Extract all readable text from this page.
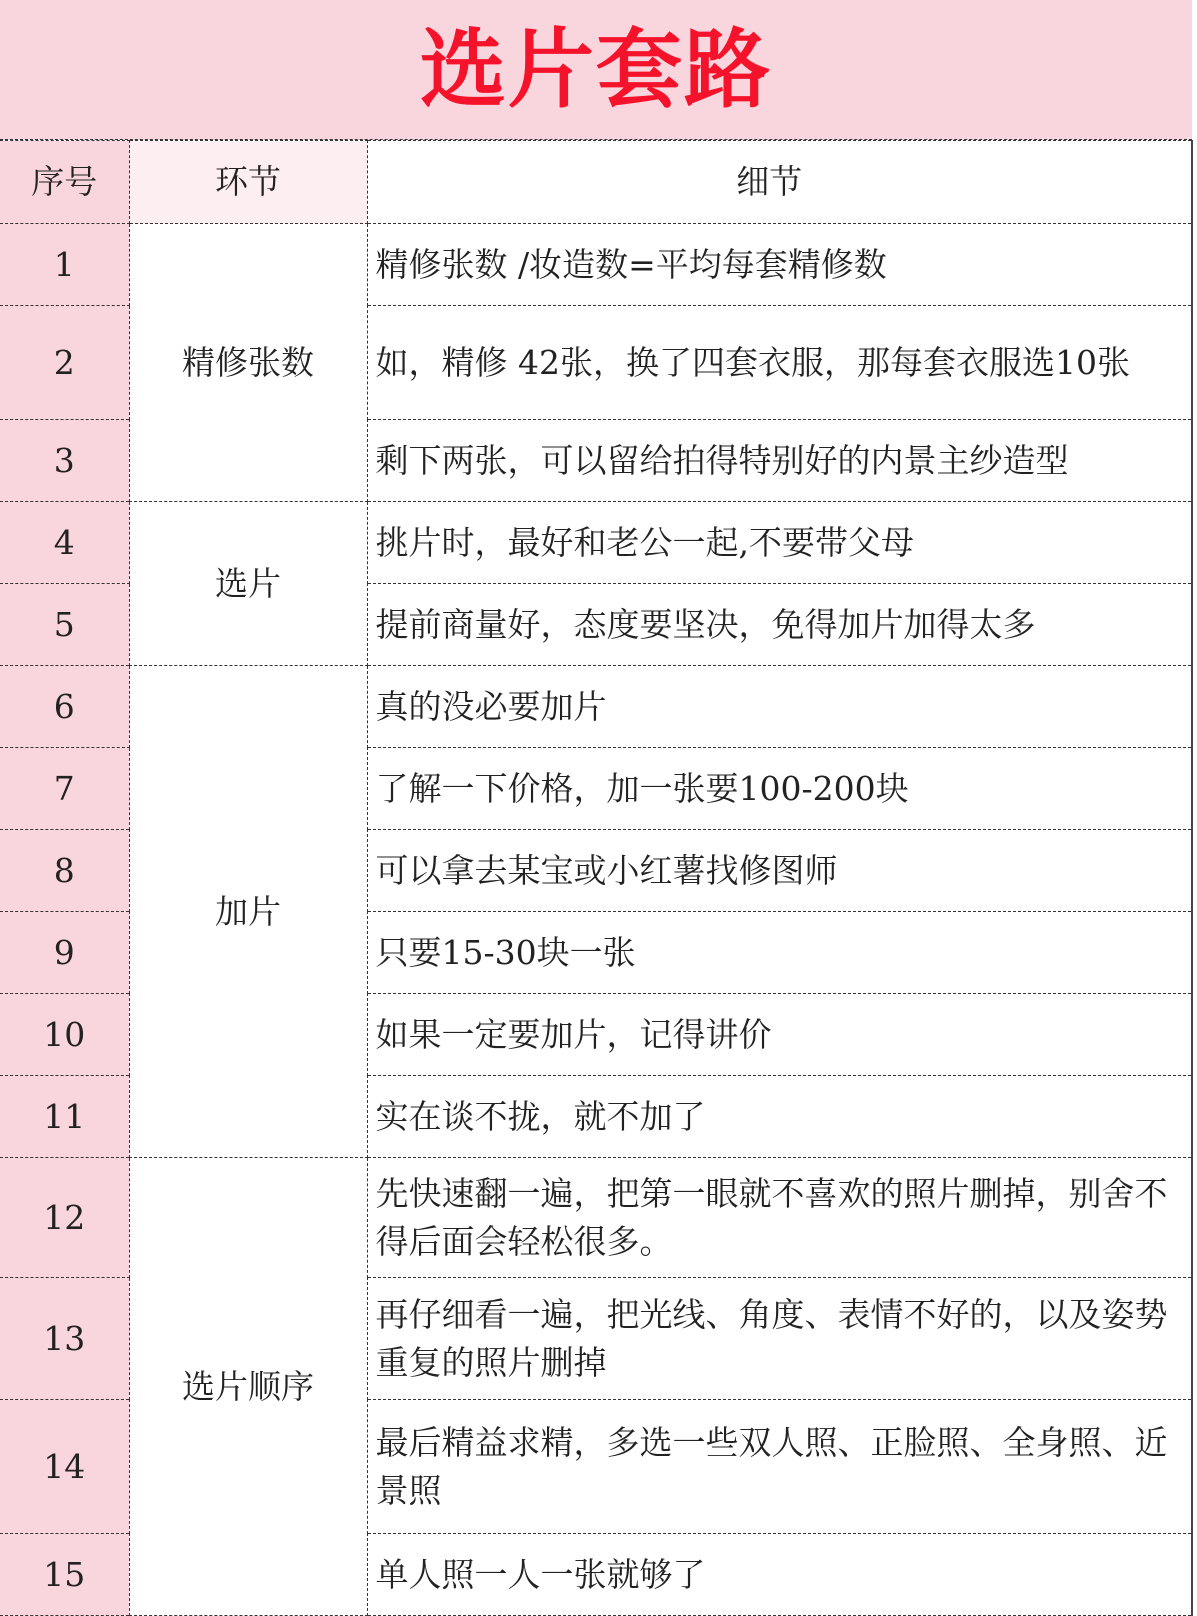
选片套路
序号	环节	细节
1	精修张数	精修张数 /妆造数=平均每套精修数
2		如，精修 42张，换了四套衣服，那每套衣服选10张
3		剩下两张，可以留给拍得特别好的内景主纱造型
4	选片	挑片时，最好和老公一起,不要带父母
5		提前商量好，态度要坚决，免得加片加得太多
6	加片	真的没必要加片
7		了解一下价格，加一张要100-200块
8		可以拿去某宝或小红薯找修图师
9		只要15-30块一张
10		如果一定要加片，记得讲价
11		实在谈不拢，就不加了
12	选片顺序	先快速翻一遍，把第一眼就不喜欢的照片删掉，别舍不得后面会轻松很多。
13		再仔细看一遍，把光线、角度、表情不好的，以及姿势重复的照片删掉
14		最后精益求精，多选一些双人照、正脸照、全身照、近景照
15		单人照一人一张就够了
